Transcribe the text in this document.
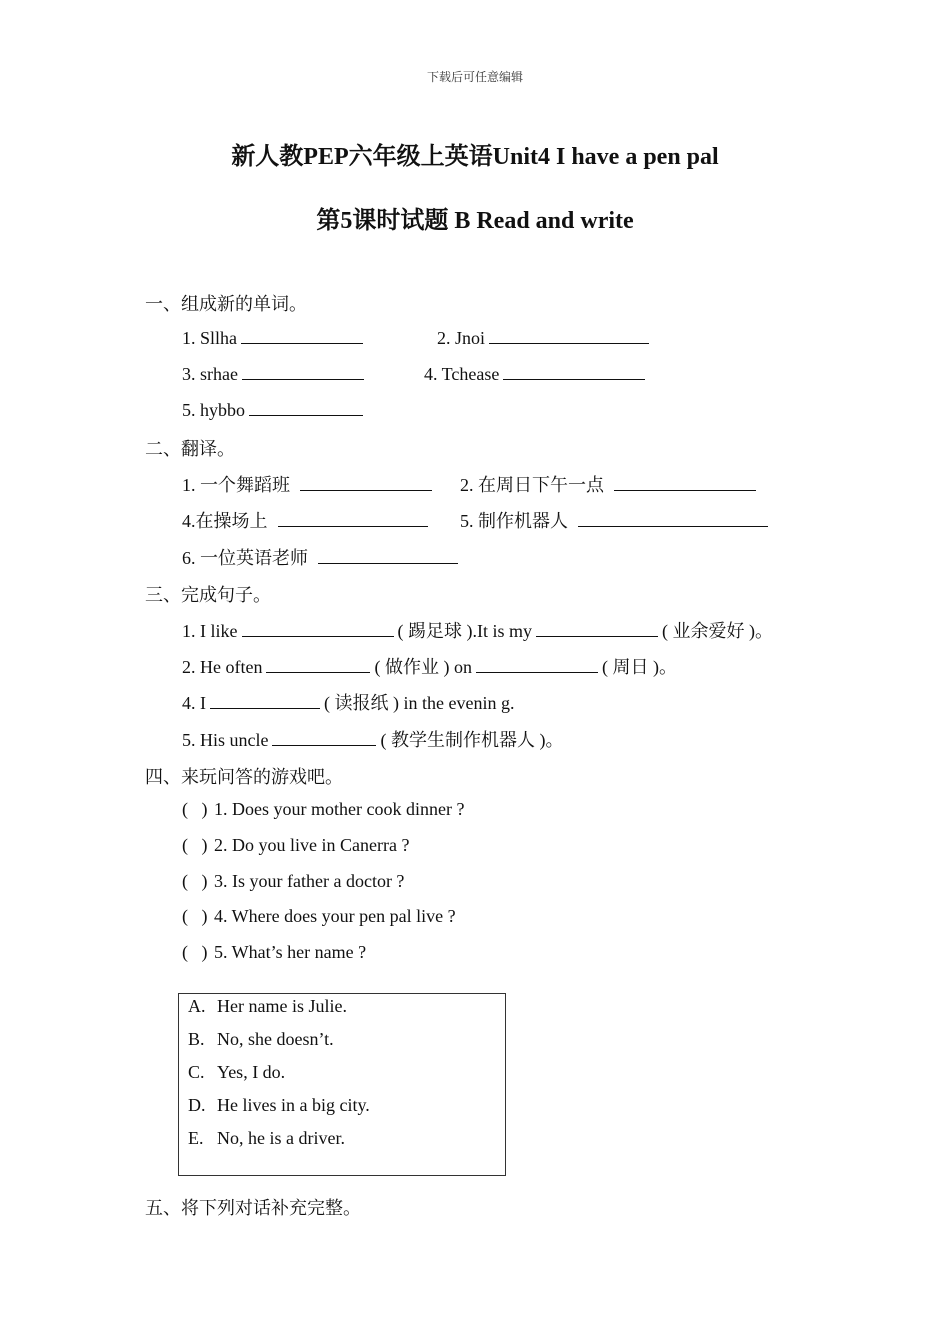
下载后可任意编辑
新人教PEP六年级上英语Unit4 I have a pen pal
第5课时试题 B Read and write
一、组成新的单词。
1. Sllha	2. Jnoi
3. srhae	4. Tchease
5. hybbo
二、翻译。
1. 一个舞蹈班	2. 在周日下午一点
4.在操场上	5. 制作机器人
6. 一位英语老师
三、完成句子。
1. I like	( 踢足球 ).It is my	( 业余爱好 )。
2. He often	( 做作业 ) on	( 周日 )。
4. I	( 读报纸 ) in the evenin g.
5. His uncle	( 教学生制作机器人 )。
四、来玩问答的游戏吧。
( ) 1. Does your mother cook dinner ?
( ) 2. Do you live in Canerra ?
( ) 3. Is your father a doctor ?
( ) 4. Where does your pen pal live ?
( ) 5. What’s her name ?
A. Her name is Julie.
B. No, she doesn’t.
C. Yes, I do.
D. He lives in a big city.
E. No, he is a driver.
五、将下列对话补充完整。
